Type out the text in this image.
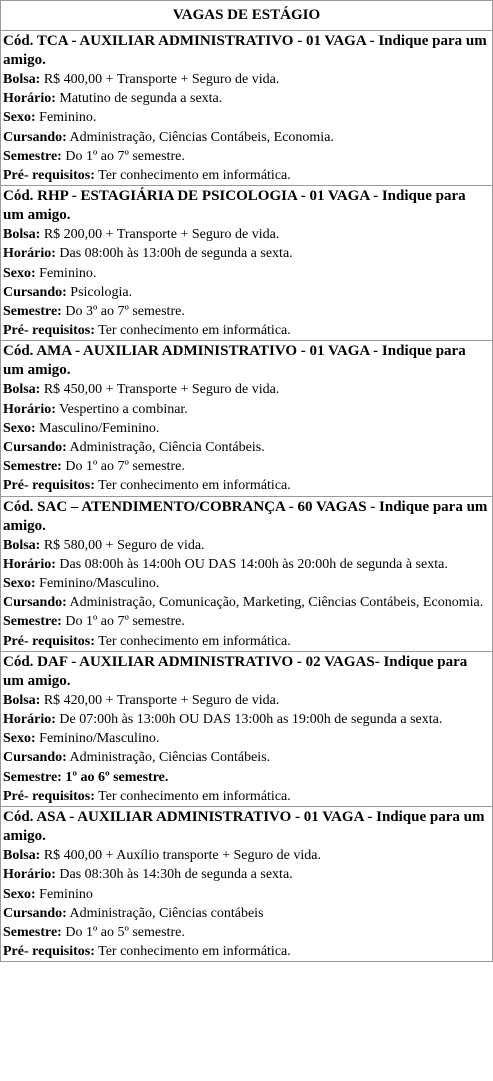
VAGAS DE ESTÁGIO
Cód. TCA - AUXILIAR ADMINISTRATIVO - 01 VAGA - Indique para um amigo.
Bolsa: R$ 400,00 + Transporte + Seguro de vida.
Horário: Matutino de segunda a sexta.
Sexo: Feminino.
Cursando: Administração, Ciências Contábeis, Economia.
Semestre: Do 1º ao 7º semestre.
Pré- requisitos: Ter conhecimento em informática.
Cód. RHP - ESTAGIÁRIA DE PSICOLOGIA - 01 VAGA - Indique para um amigo.
Bolsa: R$ 200,00 + Transporte + Seguro de vida.
Horário: Das 08:00h às 13:00h de segunda a sexta.
Sexo: Feminino.
Cursando: Psicologia.
Semestre: Do 3º ao 7º semestre.
Pré- requisitos: Ter conhecimento em informática.
Cód. AMA - AUXILIAR ADMINISTRATIVO - 01 VAGA - Indique para um amigo.
Bolsa: R$ 450,00 + Transporte + Seguro de vida.
Horário: Vespertino a combinar.
Sexo: Masculino/Feminino.
Cursando: Administração, Ciência Contábeis.
Semestre: Do 1º ao 7º semestre.
Pré- requisitos: Ter conhecimento em informática.
Cód. SAC – ATENDIMENTO/COBRANÇA - 60 VAGAS - Indique para um amigo.
Bolsa: R$ 580,00 + Seguro de vida.
Horário: Das 08:00h às 14:00h OU DAS 14:00h às 20:00h de segunda à sexta.
Sexo: Feminino/Masculino.
Cursando: Administração, Comunicação, Marketing, Ciências Contábeis, Economia.
Semestre: Do 1º ao 7º semestre.
Pré- requisitos: Ter conhecimento em informática.
Cód. DAF - AUXILIAR ADMINISTRATIVO - 02 VAGAS- Indique para um amigo.
Bolsa: R$ 420,00 + Transporte + Seguro de vida.
Horário: De 07:00h às 13:00h OU DAS 13:00h as 19:00h de segunda a sexta.
Sexo: Feminino/Masculino.
Cursando: Administração, Ciências Contábeis.
Semestre: 1º ao 6º semestre.
Pré- requisitos: Ter conhecimento em informática.
Cód. ASA - AUXILIAR ADMINISTRATIVO - 01 VAGA - Indique para um amigo.
Bolsa: R$ 400,00 + Auxílio transporte + Seguro de vida.
Horário: Das 08:30h às 14:30h de segunda a sexta.
Sexo: Feminino
Cursando: Administração, Ciências contábeis
Semestre: Do 1º ao 5º semestre.
Pré- requisitos: Ter conhecimento em informática.
